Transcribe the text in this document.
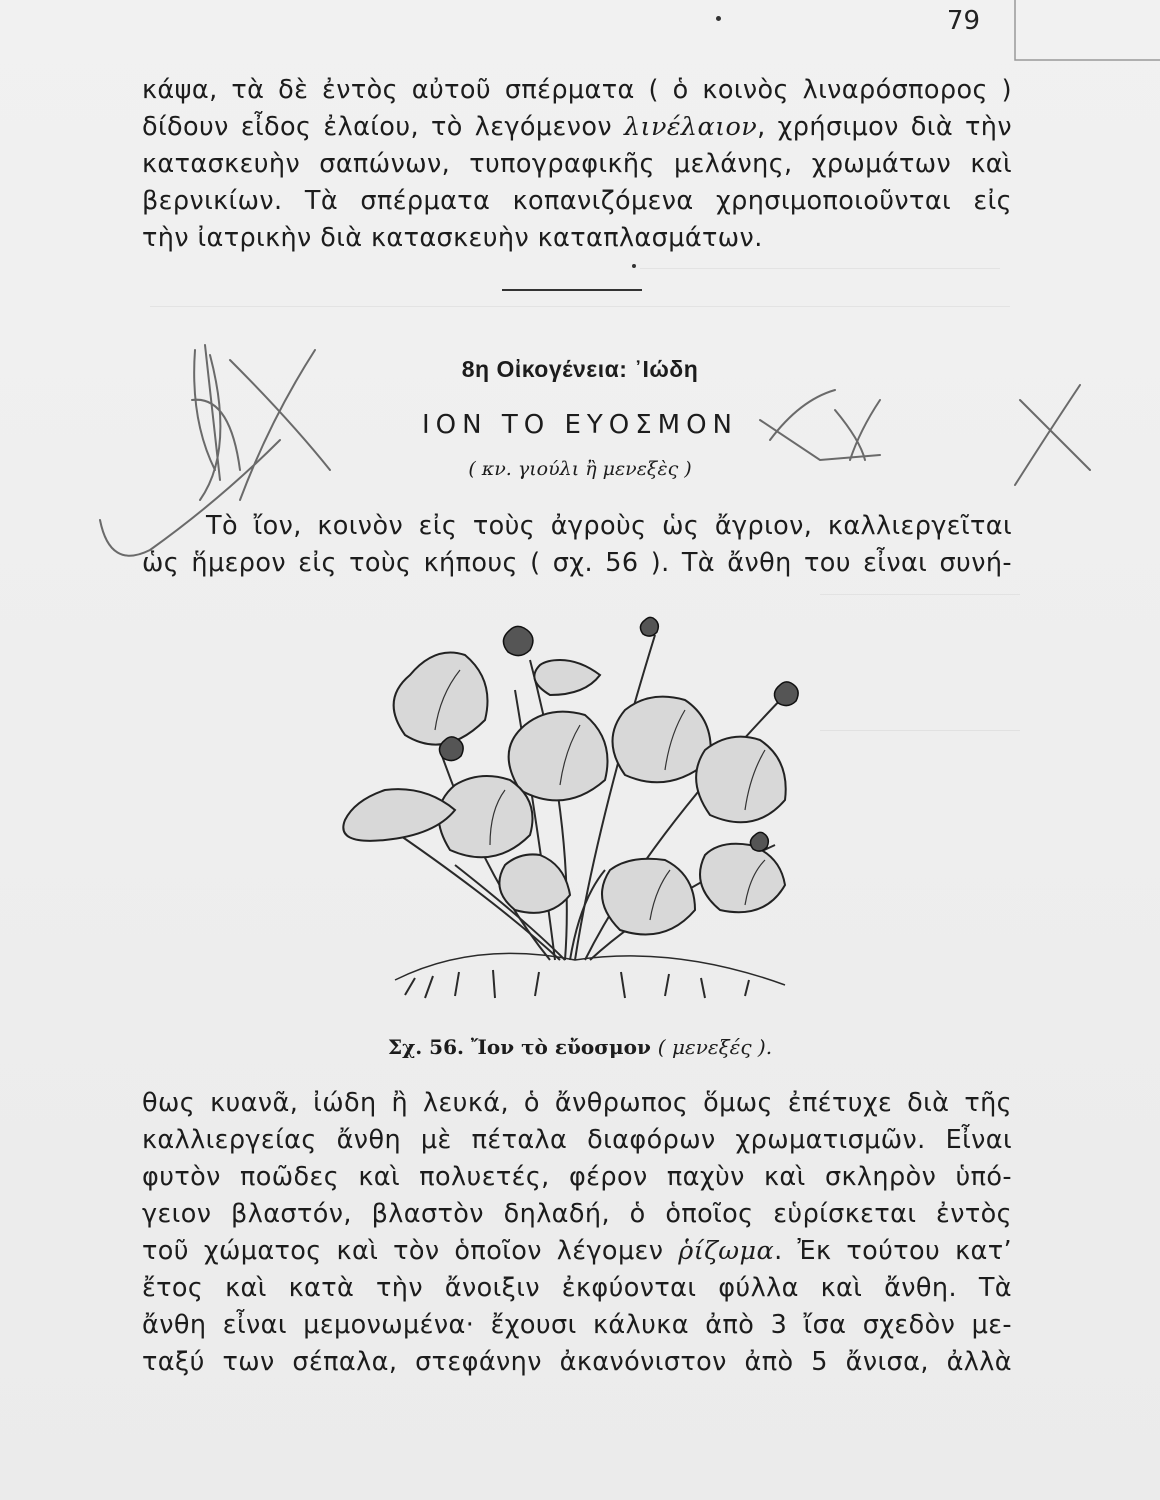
79
κάψα, τὰ δὲ ἐντὸς αὐτοῦ σπέρματα ( ὁ κοινὸς λιναρόσπορος )
δίδουν εἶδος ἐλαίου, τὸ λεγόμενον λινέλαιον, χρήσιμον διὰ τὴν
κατασκευὴν σαπώνων, τυπογραφικῆς μελάνης, χρωμάτων καὶ
βερνικίων. Τὰ σπέρματα κοπανιζόμενα χρησιμοποιοῦνται εἰς
τὴν ἰατρικὴν διὰ κατασκευὴν καταπλασμάτων.
8η Οἰκογένεια: ᾿Ιώδη
ΙΟΝ ΤΟ ΕΥΟΣΜΟΝ
( κν. γιούλι ἢ μενεξὲς )
Τὸ ἴον, κοινὸν εἰς τοὺς ἀγροὺς ὡς ἄγριον, καλλιεργεῖται
ὡς ἥμερον εἰς τοὺς κήπους ( σχ. 56 ). Τὰ ἄνθη του εἶναι συνή-
Σχ. 56. Ἴον τὸ εὔοσμον ( μενεξές ).
θως κυανᾶ, ἰώδη ἢ λευκά, ὁ ἄνθρωπος ὅμως ἐπέτυχε διὰ τῆς
καλλιεργείας ἄνθη μὲ πέταλα διαφόρων χρωματισμῶν. Εἶναι
φυτὸν ποῶδες καὶ πολυετές, φέρον παχὺν καὶ σκληρὸν ὑπό-
γειον βλαστόν, βλαστὸν δηλαδή, ὁ ὁποῖος εὑρίσκεται ἐντὸς
τοῦ χώματος καὶ τὸν ὁποῖον λέγομεν ῥίζωμα. Ἐκ τούτου κατ’
ἔτος καὶ κατὰ τὴν ἄνοιξιν ἐκφύονται φύλλα καὶ ἄνθη. Τὰ
ἄνθη εἶναι μεμονωμένα· ἔχουσι κάλυκα ἀπὸ 3 ἴσα σχεδὸν με-
ταξύ των σέπαλα, στεφάνην ἀκανόνιστον ἀπὸ 5 ἄνισα, ἀλλὰ
